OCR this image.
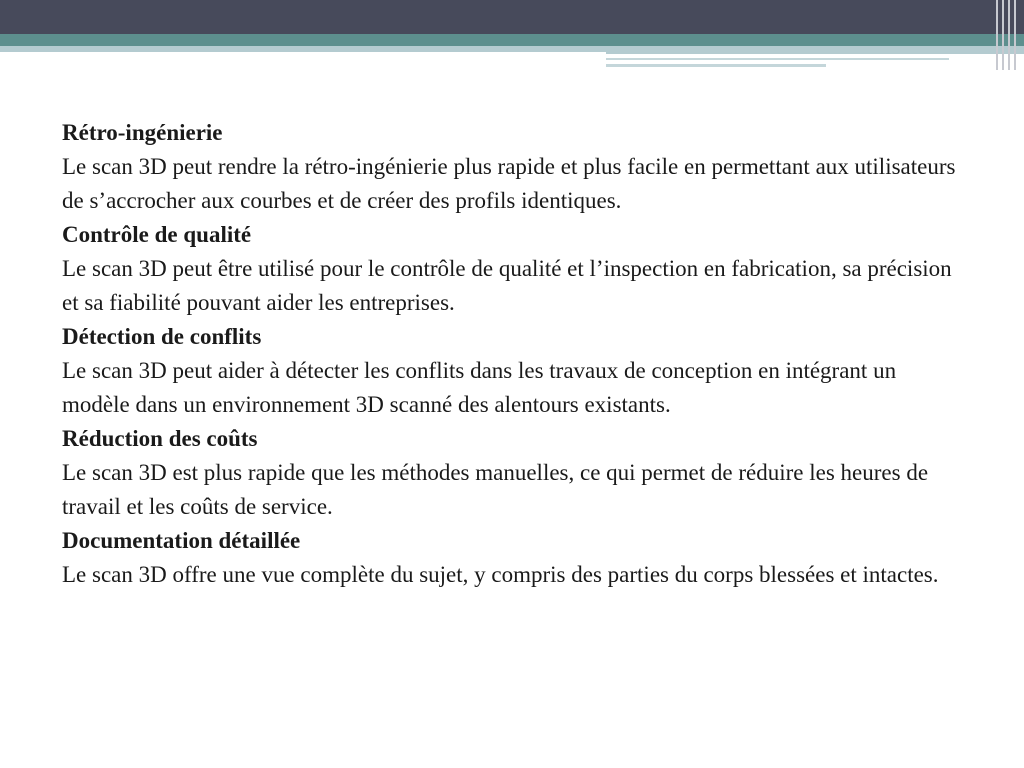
Rétro-ingénierie

Le scan 3D peut rendre la rétro-ingénierie plus rapide et plus facile en permettant aux utilisateurs de s’accrocher aux courbes et de créer des profils identiques.

Contrôle de qualité

Le scan 3D peut être utilisé pour le contrôle de qualité et l’inspection en fabrication, sa précision et sa fiabilité pouvant aider les entreprises.

Détection de conflits

Le scan 3D peut aider à détecter les conflits dans les travaux de conception en intégrant un modèle dans un environnement 3D scanné des alentours existants.

Réduction des coûts

Le scan 3D est plus rapide que les méthodes manuelles, ce qui permet de réduire les heures de travail et les coûts de service.

Documentation détaillée

Le scan 3D offre une vue complète du sujet, y compris des parties du corps blessées et intactes.
